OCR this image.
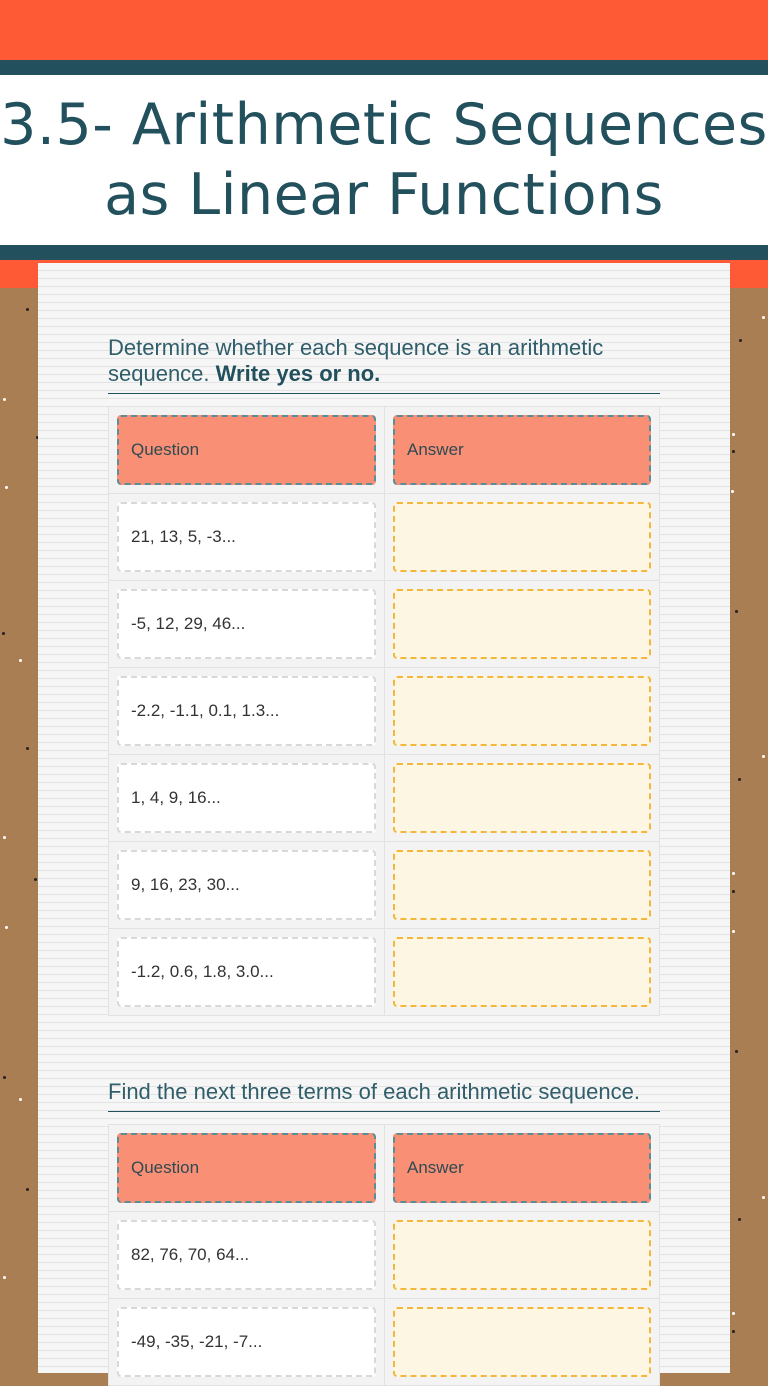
3.5- Arithmetic Sequences as Linear Functions
Determine whether each sequence is an arithmetic sequence. Write yes or no.
Question	Answer
21, 13, 5, -3...
-5, 12, 29, 46...
-2.2, -1.1, 0.1, 1.3...
1, 4, 9, 16...
9, 16, 23, 30...
-1.2, 0.6, 1.8, 3.0...
Find the next three terms of each arithmetic sequence.
Question	Answer
82, 76, 70, 64...
-49, -35, -21, -7...
